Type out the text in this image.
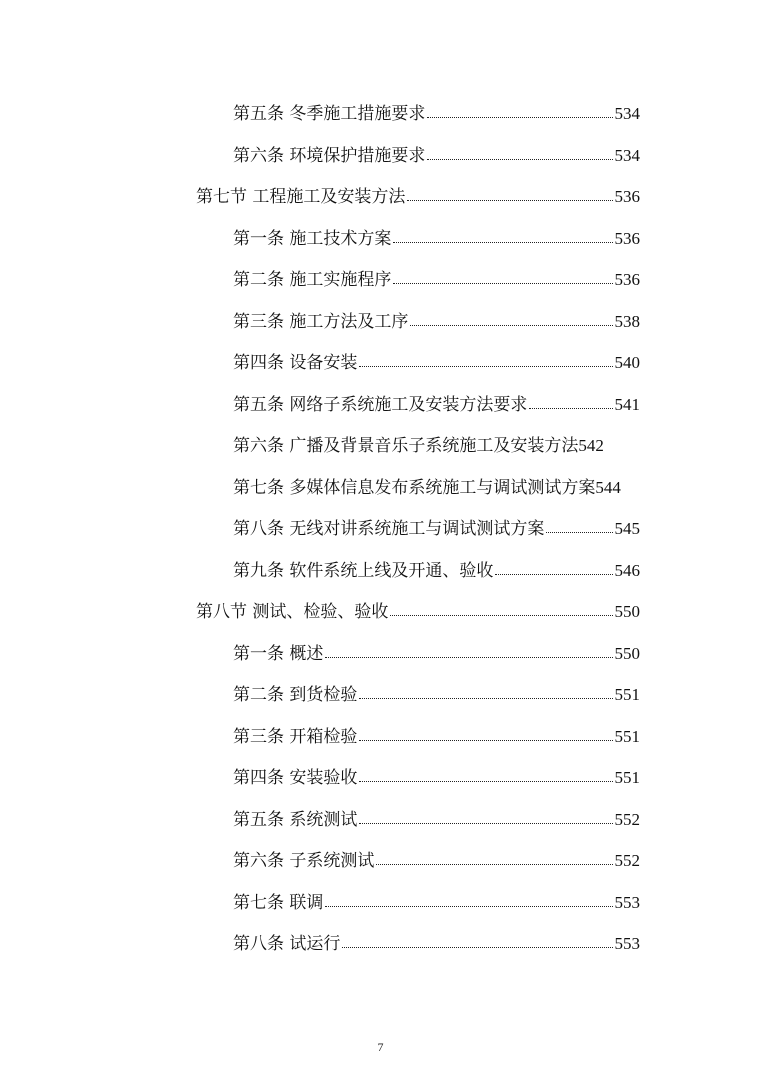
第五条 冬季施工措施要求	534
第六条 环境保护措施要求	534
第七节 工程施工及安装方法	536
第一条 施工技术方案	536
第二条 施工实施程序	536
第三条 施工方法及工序	538
第四条 设备安装	540
第五条 网络子系统施工及安装方法要求	541
第六条 广播及背景音乐子系统施工及安装方法 542
第七条 多媒体信息发布系统施工与调试测试方案 544
第八条 无线对讲系统施工与调试测试方案	545
第九条 软件系统上线及开通、验收	546
第八节 测试、检验、验收	550
第一条 概述	550
第二条 到货检验	551
第三条 开箱检验	551
第四条 安装验收	551
第五条 系统测试	552
第六条 子系统测试	552
第七条 联调	553
第八条 试运行	553
7
